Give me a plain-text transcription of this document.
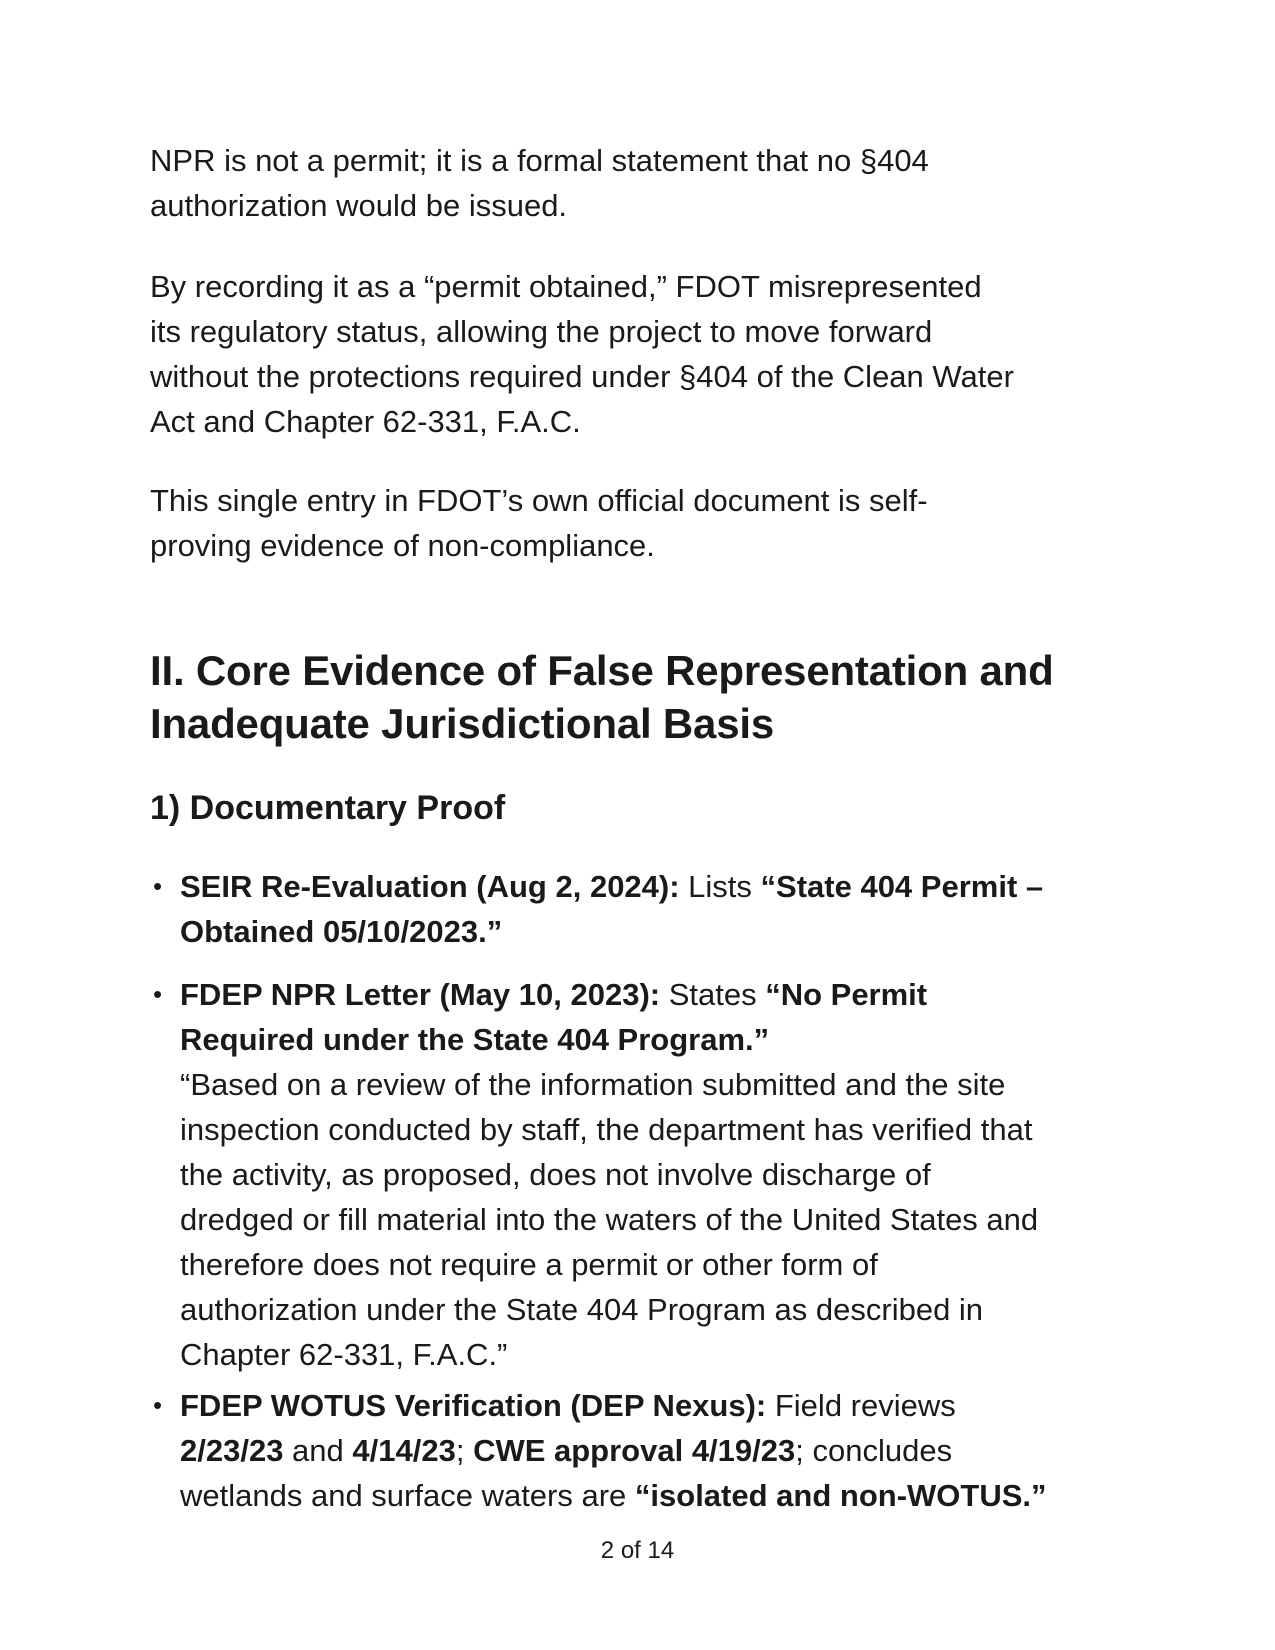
NPR is not a permit; it is a formal statement that no §404
authorization would be issued.
By recording it as a “permit obtained,” FDOT misrepresented
its regulatory status, allowing the project to move forward
without the protections required under §404 of the Clean Water
Act and Chapter 62-331, F.A.C.
This single entry in FDOT’s own official document is self-
proving evidence of non-compliance.
II. Core Evidence of False Representation and
Inadequate Jurisdictional Basis
1) Documentary Proof
• SEIR Re-Evaluation (Aug 2, 2024): Lists “State 404 Permit –
Obtained 05/10/2023.”
• FDEP NPR Letter (May 10, 2023): States “No Permit
Required under the State 404 Program.”
“Based on a review of the information submitted and the site
inspection conducted by staff, the department has verified that
the activity, as proposed, does not involve discharge of
dredged or fill material into the waters of the United States and
therefore does not require a permit or other form of
authorization under the State 404 Program as described in
Chapter 62-331, F.A.C.”
• FDEP WOTUS Verification (DEP Nexus): Field reviews
2/23/23 and 4/14/23; CWE approval 4/19/23; concludes
wetlands and surface waters are “isolated and non-WOTUS.”
2 of 14
